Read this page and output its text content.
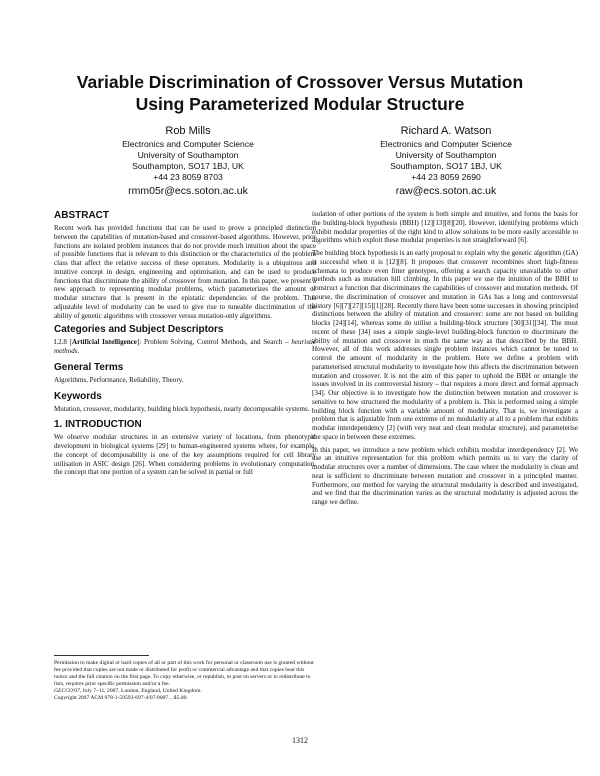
Variable Discrimination of Crossover Versus Mutation
Using Parameterized Modular Structure
Rob Mills
Electronics and Computer Science
University of Southampton
Southampton, SO17 1BJ, UK
+44 23 8059 8703
rmm05r@ecs.soton.ac.uk
Richard A. Watson
Electronics and Computer Science
University of Southampton
Southampton, SO17 1BJ, UK
+44 23 8059 2690
raw@ecs.soton.ac.uk
ABSTRACT

Recent work has provided functions that can be used to prove a principled distinction between the capabilities of mutation-based and crossover-based algorithms. However, prior functions are isolated problem instances that do not provide much intuition about the space of possible functions that is relevant to this distinction or the characteristics of the problem class that affect the relative success of these operators. Modularity is a ubiquitous and intuitive concept in design, engineering and optimisation, and can be used to produce functions that discriminate the ability of crossover from mutation. In this paper, we present a new approach to representing modular problems, which parameterizes the amount of modular structure that is present in the epistatic dependencies of the problem. This adjustable level of modularity can be used to give rise to tuneable discrimination of the ability of genetic algorithms with crossover versus mutation-only algorithms.

Categories and Subject Descriptors

I.2.8 [Artificial Intelligence]: Problem Solving, Control Methods, and Search – heuristic methods.

General Terms

Algorithms, Performance, Reliability, Theory.

Keywords

Mutation, crossover, modularity, building block hypothesis, nearly decomposable systems.

1. INTRODUCTION

We observe modular structures in an extensive variety of locations, from phenotypic development in biological systems [29] to human-engineered systems where, for example, the concept of decomposability is one of the key assumptions required for cell library utilisation in ASIC design [26]. When considering problems in evolutionary computation, the concept that one portion of a system can be solved in partial or full

Permission to make digital or hard copies of all or part of this work for personal or classroom use is granted without fee provided that copies are not made or distributed for profit or commercial advantage and that copies bear this notice and the full citation on the first page. To copy otherwise, or republish, to post on servers or to redistribute to lists, requires prior specific permission and/or a fee.

GECCO'07, July 7–11, 2007, London, England, United Kingdom.

Copyright 2007 ACM 978-1-59593-697-4/07/0007…$5.00.

isolation of other portions of the system is both simple and intuitive, and forms the basis for the building-block hypothesis (BBH) [12][13][8][20]. However, identifying problems which exhibit modular properties of the right kind to allow solutions to be more easily accessible to algorithms which exploit these modular properties is not straightforward [6].

The building block hypothesis is an early proposal to explain why the genetic algorithm (GA) is successful when it is [12][8]. It proposes that crossover recombines short high-fitness schemata to produce even fitter genotypes, offering a search capacity unavailable to other methods such as mutation hill climbing. In this paper we use the intuition of the BBH to construct a function that discriminates the capabilities of crossover and mutation methods. Of course, the discrimination of crossover and mutation in GAs has a long and controversial history [6][7][27][15][1][28]. Recently there have been some successes in showing principled distinctions between the ability of mutation and crossover: some are not based on building blocks [24][14], whereas some do utilise a building-block structure [30][31][34]. The most recent of these [34] uses a simple single-level building-block function to discriminate the ability of mutation and crossover in much the same way as that described by the BBH. However, all of this work addresses single problem instances which cannot be tuned to control the amount of modularity in the problem. Here we define a problem with parameterised structural modularity to investigate how this affects the discrimination between mutation and crossover. It is not the aim of this paper to uphold the BBH or untangle the issues involved in its controversial history – that requires a more direct and formal approach [34]. Our objective is to investigate how the distinction between mutation and crossover is sensitive to how structured the modularity of a problem is. This is performed using a simple building block function with a variable amount of modularity. That is, we investigate a problem that is adjustable from one extreme of no modularity at all to a problem that exhibits modular interdependency [2] (with very neat and clean modular structure), and parameterise the space in between these extremes.

In this paper, we introduce a new problem which exhibits modular interdependency [2]. We use an intuitive representation for this problem which permits us to vary the clarity of modular structures over a number of dimensions. The case where the modularity is clean and neat is sufficient to discriminate between mutation and crossover in a principled manner. Furthermore, our method for varying the structural modularity is described and investigated, and we find that the discrimination varies as the structural modularity is adjusted across the range we define.

1312
